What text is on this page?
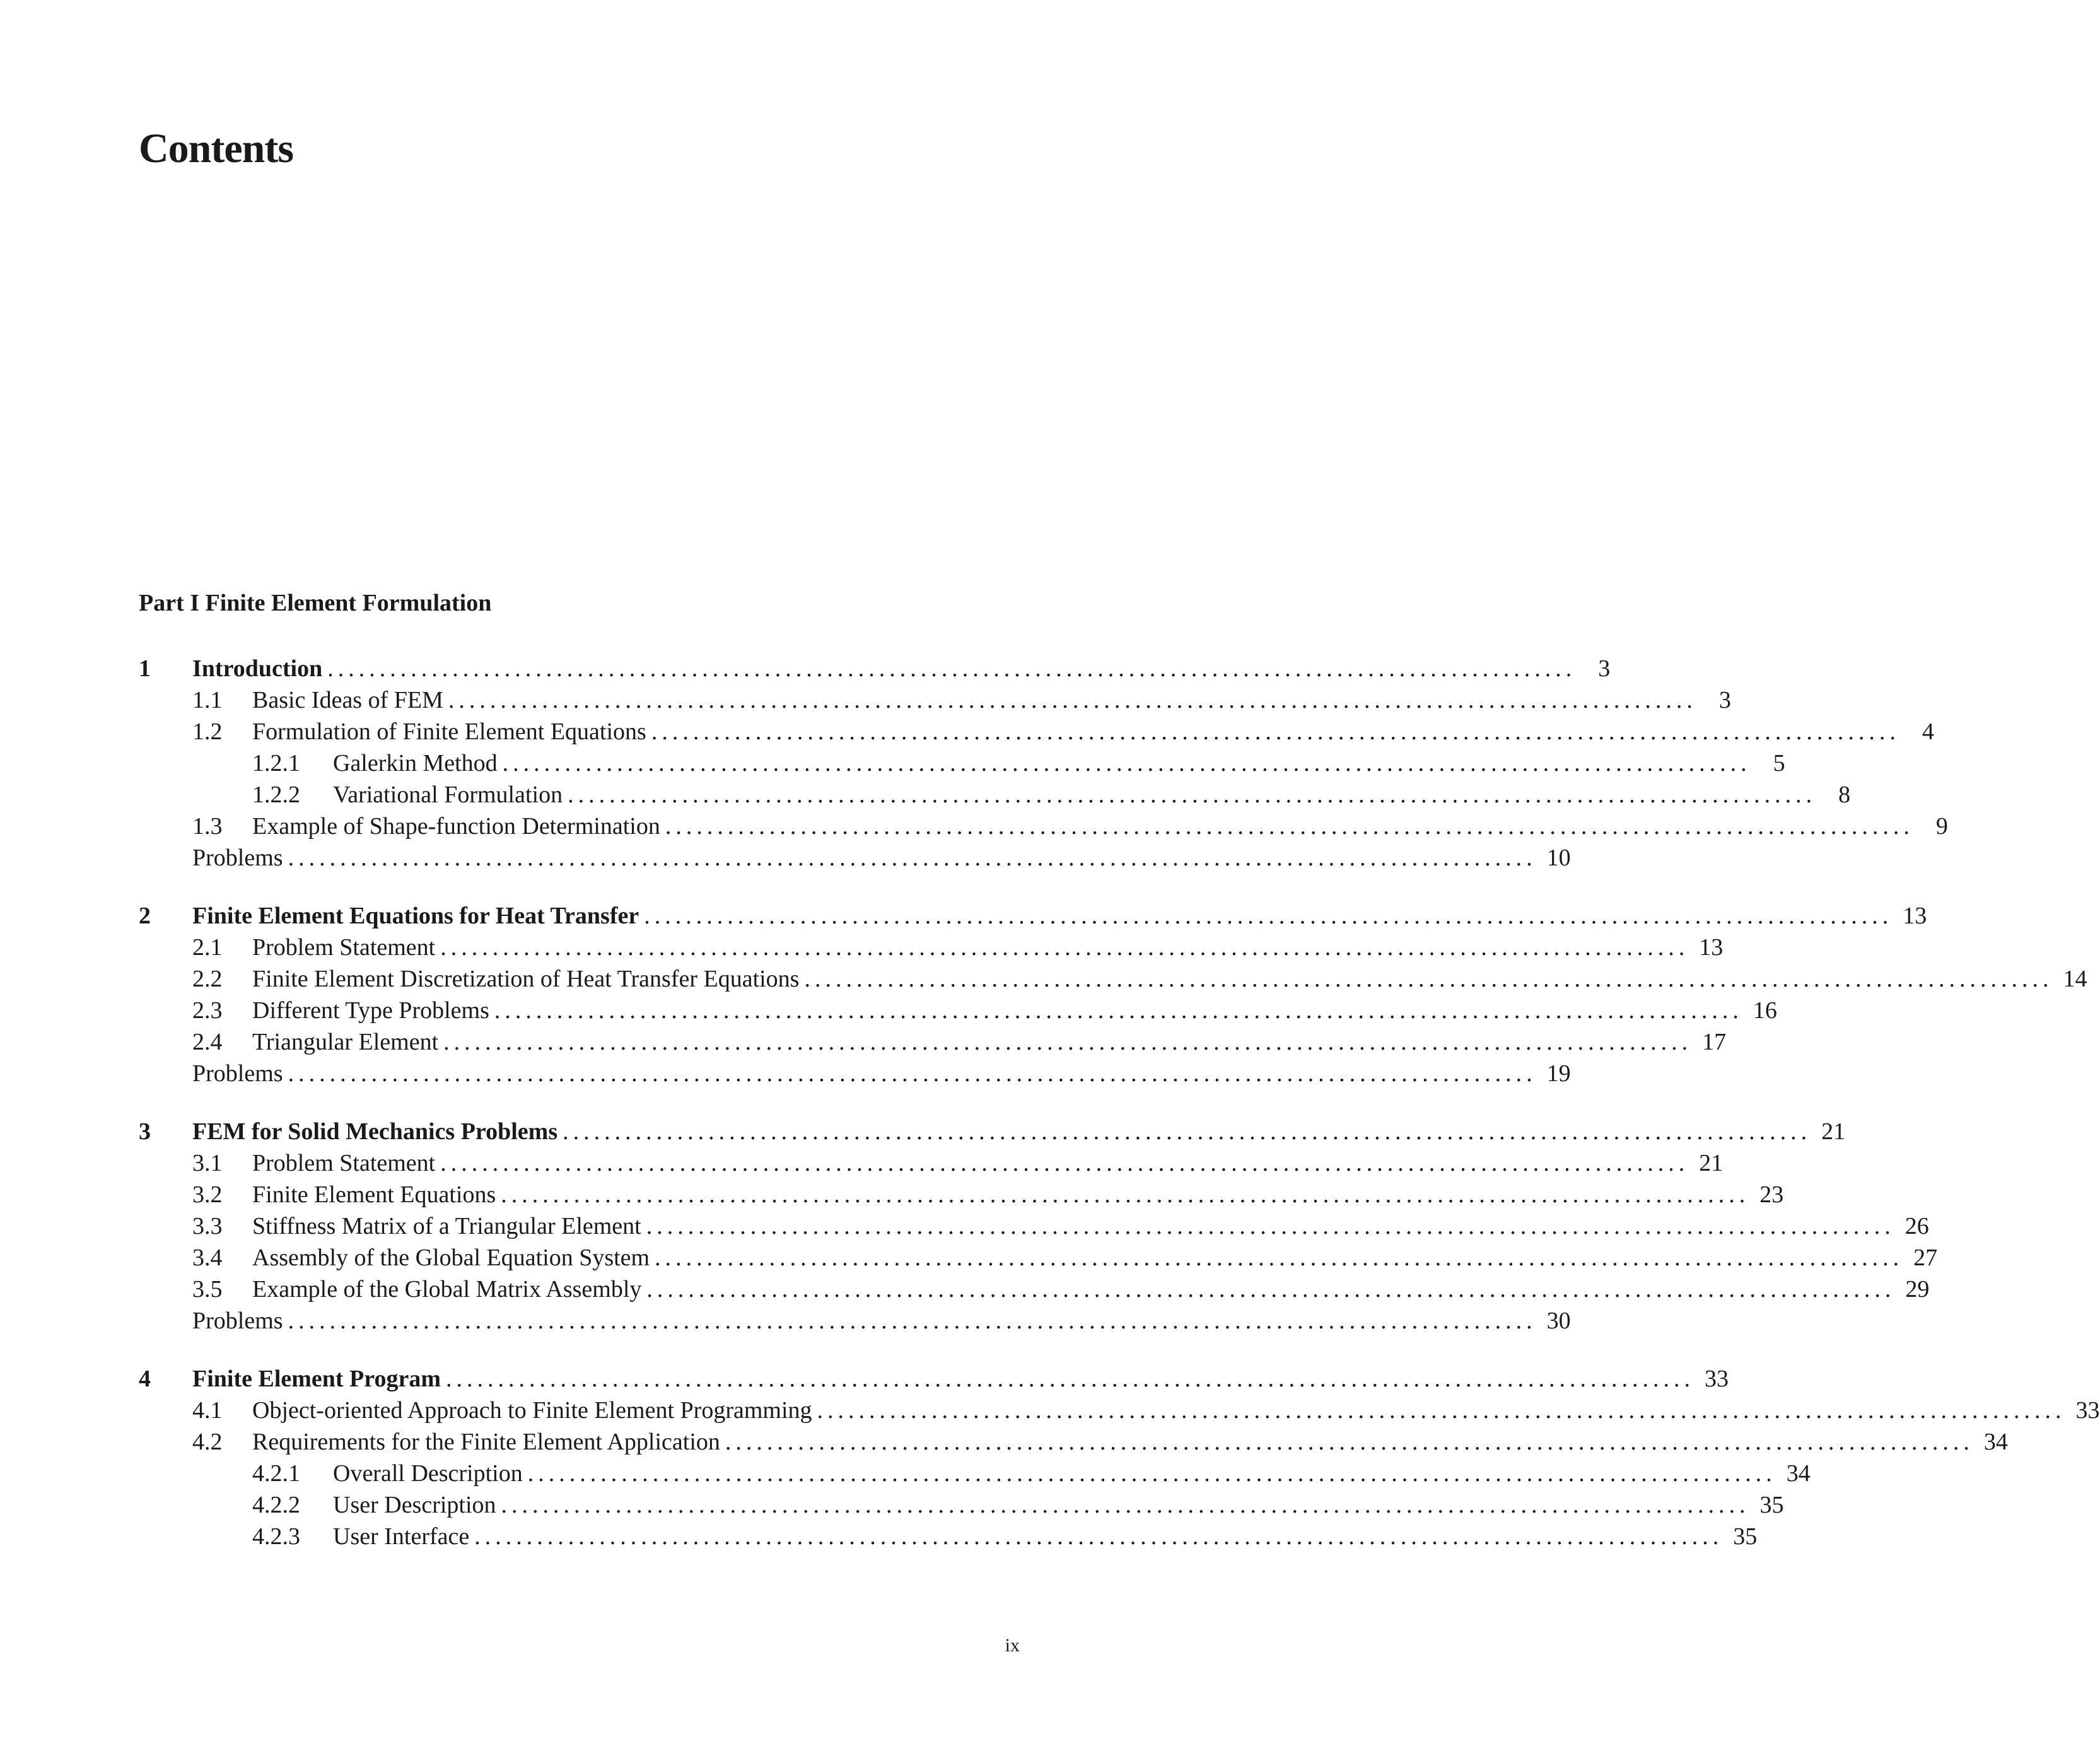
Contents
Part I Finite Element Formulation
1 Introduction ........................................................................................................................ 3
1.1 Basic Ideas of FEM ........................................................................................................................ 3
1.2 Formulation of Finite Element Equations ........................................................................................................................ 4
1.2.1 Galerkin Method ........................................................................................................................ 5
1.2.2 Variational Formulation ........................................................................................................................ 8
1.3 Example of Shape-function Determination ........................................................................................................................ 9
Problems ........................................................................................................................ 10
2 Finite Element Equations for Heat Transfer ........................................................................................................................ 13
2.1 Problem Statement ........................................................................................................................ 13
2.2 Finite Element Discretization of Heat Transfer Equations ........................................................................................................................ 14
2.3 Different Type Problems ........................................................................................................................ 16
2.4 Triangular Element ........................................................................................................................ 17
Problems ........................................................................................................................ 19
3 FEM for Solid Mechanics Problems ........................................................................................................................ 21
3.1 Problem Statement ........................................................................................................................ 21
3.2 Finite Element Equations ........................................................................................................................ 23
3.3 Stiffness Matrix of a Triangular Element ........................................................................................................................ 26
3.4 Assembly of the Global Equation System ........................................................................................................................ 27
3.5 Example of the Global Matrix Assembly ........................................................................................................................ 29
Problems ........................................................................................................................ 30
4 Finite Element Program ........................................................................................................................ 33
4.1 Object-oriented Approach to Finite Element Programming ........................................................................................................................ 33
4.2 Requirements for the Finite Element Application ........................................................................................................................ 34
4.2.1 Overall Description ........................................................................................................................ 34
4.2.2 User Description ........................................................................................................................ 35
4.2.3 User Interface ........................................................................................................................ 35
ix
